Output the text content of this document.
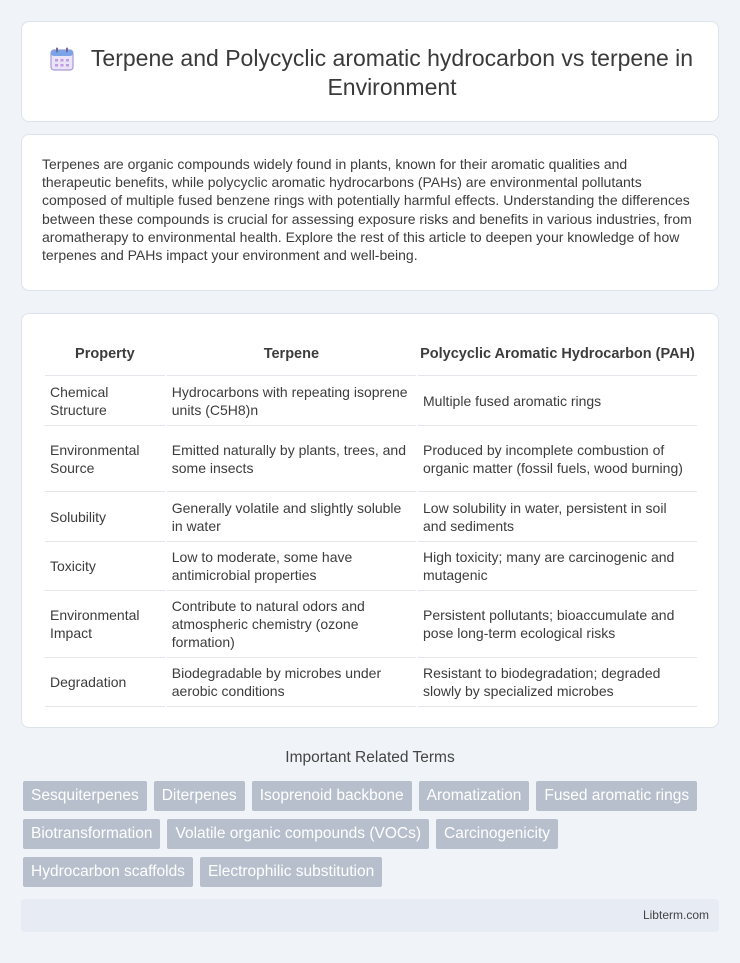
Terpene and Polycyclic aromatic hydrocarbon vs terpene in Environment

Terpenes are organic compounds widely found in plants, known for their aromatic qualities and therapeutic benefits, while polycyclic aromatic hydrocarbons (PAHs) are environmental pollutants composed of multiple fused benzene rings with potentially harmful effects. Understanding the differences between these compounds is crucial for assessing exposure risks and benefits in various industries, from aromatherapy to environmental health. Explore the rest of this article to deepen your knowledge of how terpenes and PAHs impact your environment and well-being.

Property	Terpene	Polycyclic Aromatic Hydrocarbon (PAH)
Chemical Structure	Hydrocarbons with repeating isoprene units (C5H8)n	Multiple fused aromatic rings
Environmental Source	Emitted naturally by plants, trees, and some insects	Produced by incomplete combustion of organic matter (fossil fuels, wood burning)
Solubility	Generally volatile and slightly soluble in water	Low solubility in water, persistent in soil and sediments
Toxicity	Low to moderate, some have antimicrobial properties	High toxicity; many are carcinogenic and mutagenic
Environmental Impact	Contribute to natural odors and atmospheric chemistry (ozone formation)	Persistent pollutants; bioaccumulate and pose long-term ecological risks
Degradation	Biodegradable by microbes under aerobic conditions	Resistant to biodegradation; degraded slowly by specialized microbes
Important Related Terms
Sesquiterpenes	Diterpenes	Isoprenoid backbone	Aromatization	Fused aromatic rings
Biotransformation	Volatile organic compounds (VOCs)	Carcinogenicity
Hydrocarbon scaffolds	Electrophilic substitution
Libterm.com
